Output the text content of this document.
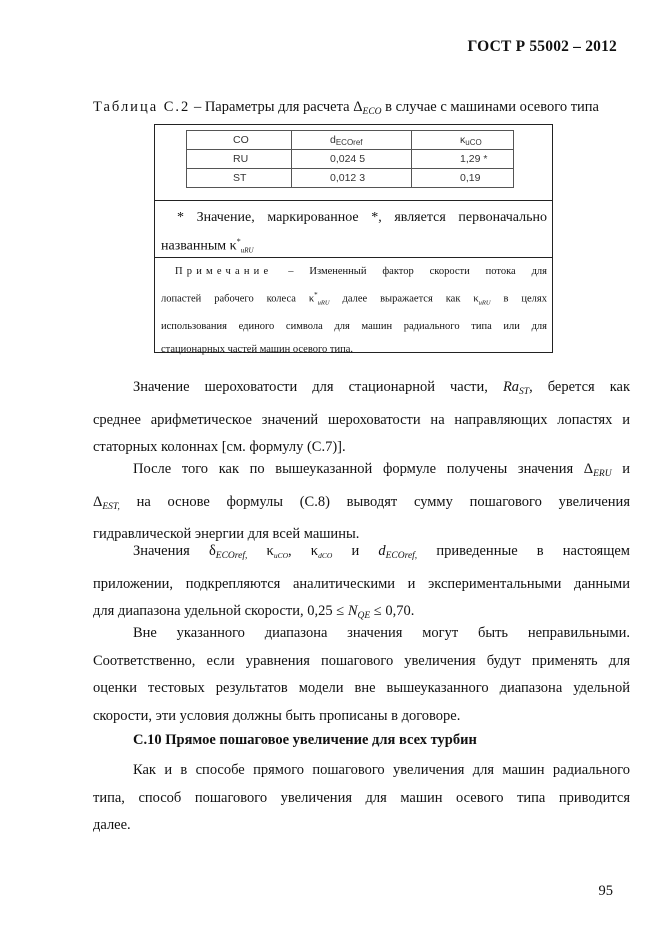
ГОСТ Р 55002 – 2012
Таблица С.2 – Параметры для расчета $\Delta_{ECO}$ в случае с машинами осевого типа
CO	dECOref	κuCO
RU	0,024 5	1,29 *
ST	0,012 3	0,19
* Значение, маркированное *, является первоначально
названным $\kappa^*_{uRU}$
Примечание – Измененный фактор скорости потока для
лопастей рабочего колеса $\kappa^*_{uRU}$ далее выражается как $\kappa_{uRU}$ в целях
использования единого символа для машин радиального типа или для
стационарных частей машин осевого типа.
Значение шероховатости для стационарной части, $Ra_{ST}$, берется как
среднее арифметическое значений шероховатости на направляющих лопастях и
статорных колоннах [см. формулу (С.7)].
После того как по вышеуказанной формуле получены значения $\Delta_{ERU}$ и
$\Delta_{EST,}$ на основе формулы (С.8) выводят сумму пошагового увеличения
гидравлической энергии для всей машины.
Значения $\delta_{ECOref,}$ $\kappa_{uCO}$, $\kappa_{dCO}$ и $d_{ECOref,}$ приведенные в настоящем
приложении, подкрепляются аналитическими и экспериментальными данными
для диапазона удельной скорости, $0,25 \le N_{QE} \le 0,70$.
Вне указанного диапазона значения могут быть неправильными.
Соответственно, если уравнения пошагового увеличения будут применять для
оценки тестовых результатов модели вне вышеуказанного диапазона удельной
скорости, эти условия должны быть прописаны в договоре.
С.10 Прямое пошаговое увеличение для всех турбин
Как и в способе прямого пошагового увеличения для машин радиального
типа, способ пошагового увеличения для машин осевого типа приводится
далее.
95
